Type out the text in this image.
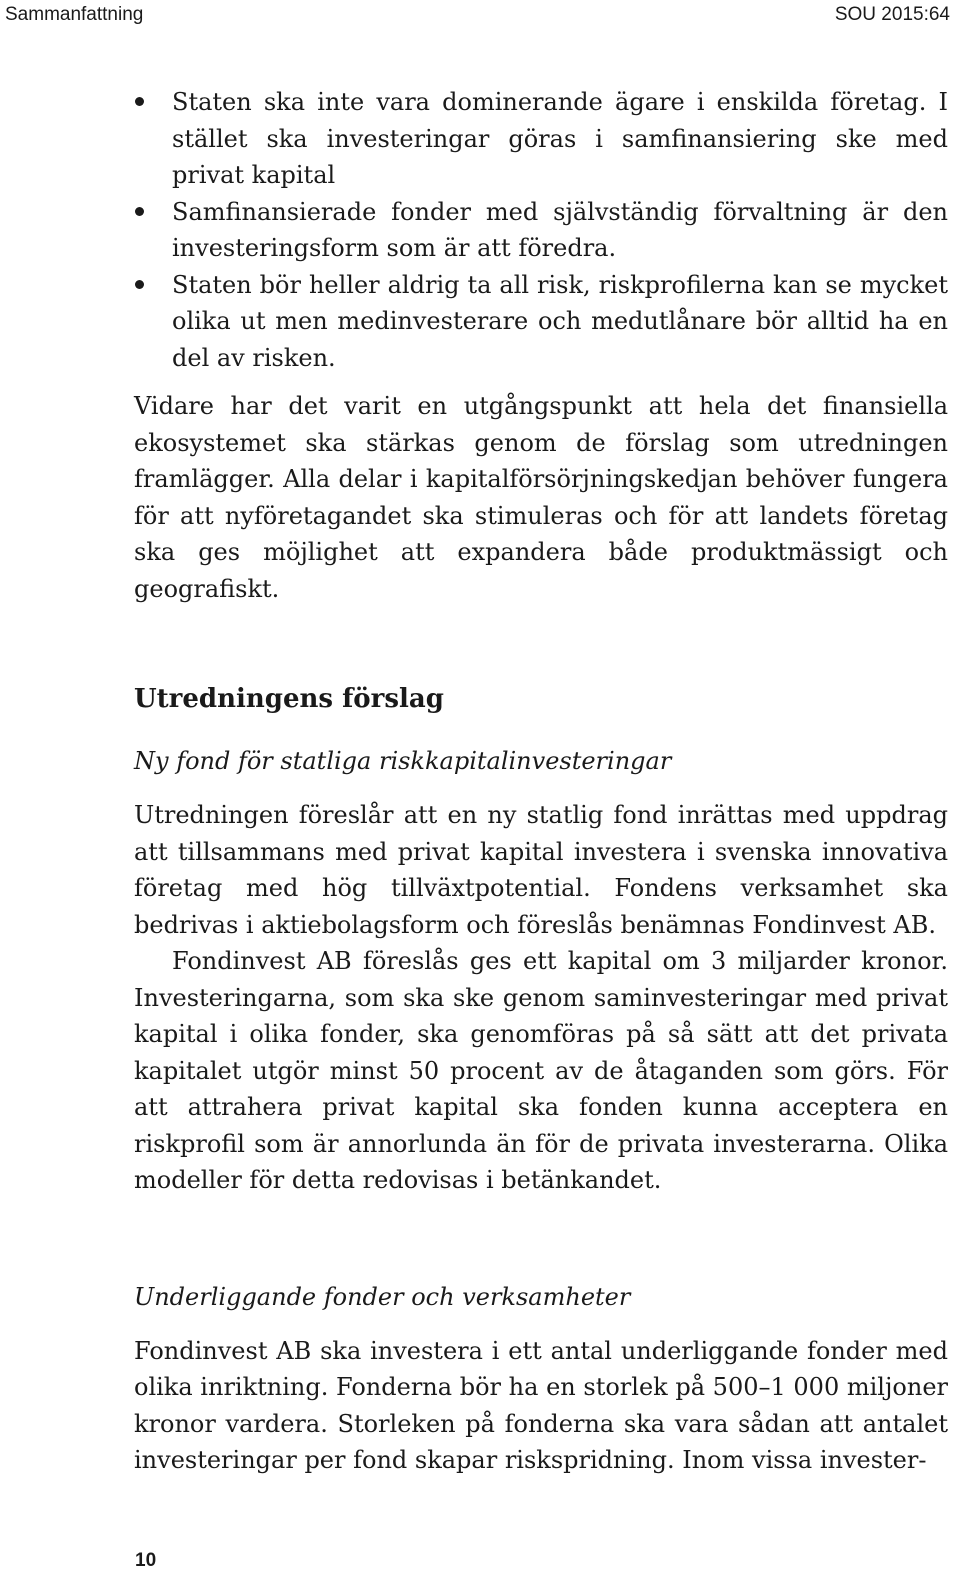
Sammanfattning	SOU 2015:64
Staten ska inte vara dominerande ägare i enskilda företag. I stället ska investeringar göras i samfinansiering ske med privat kapital
Samfinansierade fonder med självständig förvaltning är den investeringsform som är att föredra.
Staten bör heller aldrig ta all risk, riskprofilerna kan se mycket olika ut men medinvesterare och medutlånare bör alltid ha en del av risken.

Vidare har det varit en utgångspunkt att hela det finansiella ekosystemet ska stärkas genom de förslag som utredningen framlägger. Alla delar i kapitalförsörjningskedjan behöver fungera för att nyföretagandet ska stimuleras och för att landets företag ska ges möjlighet att expandera både produktmässigt och geografiskt.

Utredningens förslag
Ny fond för statliga riskkapitalinvesteringar

Utredningen föreslår att en ny statlig fond inrättas med uppdrag att tillsammans med privat kapital investera i svenska innovativa företag med hög tillväxtpotential. Fondens verksamhet ska bedrivas i aktiebolagsform och föreslås benämnas Fondinvest AB.

Fondinvest AB föreslås ges ett kapital om 3 miljarder kronor. Investeringarna, som ska ske genom saminvesteringar med privat kapital i olika fonder, ska genomföras på så sätt att det privata kapitalet utgör minst 50 procent av de åtaganden som görs. För att attrahera privat kapital ska fonden kunna acceptera en riskprofil som är annorlunda än för de privata investerarna. Olika modeller för detta redovisas i betänkandet.

Underliggande fonder och verksamheter

Fondinvest AB ska investera i ett antal underliggande fonder med olika inriktning. Fonderna bör ha en storlek på 500–1 000 miljoner kronor vardera. Storleken på fonderna ska vara sådan att antalet investeringar per fond skapar riskspridning. Inom vissa invester-

10
